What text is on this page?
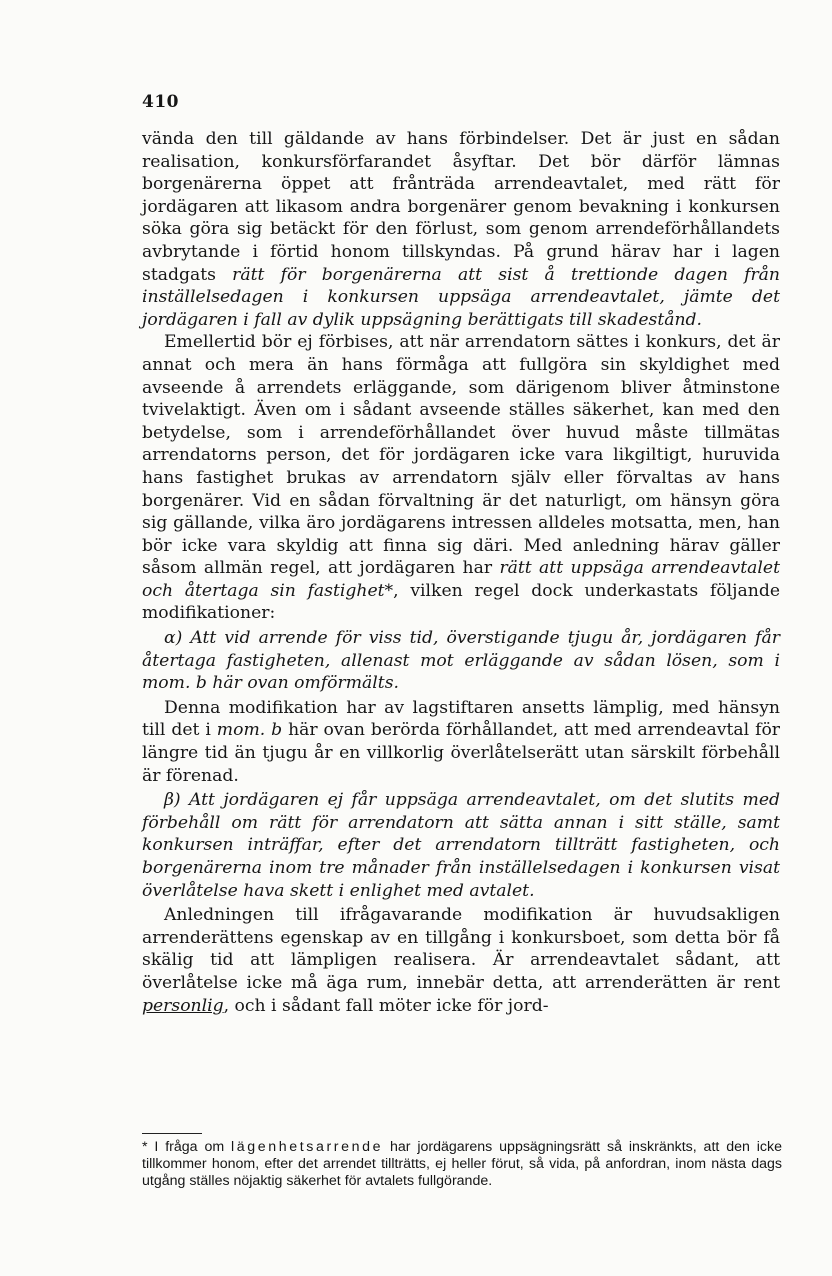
410

vända den till gäldande av hans förbindelser. Det är just en sådan realisation, konkursförfarandet åsyftar. Det bör därför lämnas borgenärerna öppet att frånträda arrendeavtalet, med rätt för jordägaren att likasom andra borgenärer genom bevakning i konkursen söka göra sig betäckt för den förlust, som genom arrendeförhållandets avbrytande i förtid honom tillskyndas. På grund härav har i lagen stadgats rätt för borgenärerna att sist å trettionde dagen från inställelsedagen i konkursen uppsäga arrendeavtalet, jämte det jordägaren i fall av dylik uppsägning berättigats till skadestånd.

Emellertid bör ej förbises, att när arrendatorn sättes i konkurs, det är annat och mera än hans förmåga att fullgöra sin skyldighet med avseende å arrendets erläggande, som därigenom bliver åtminstone tvivelaktigt. Även om i sådant avseende ställes säkerhet, kan med den betydelse, som i arrendeförhållandet över huvud måste tillmätas arrendatorns person, det för jordägaren icke vara likgiltigt, huruvida hans fastighet brukas av arrendatorn själv eller förvaltas av hans borgenärer. Vid en sådan förvaltning är det naturligt, om hänsyn göra sig gällande, vilka äro jordägarens intressen alldeles motsatta, men, han bör icke vara skyldig att finna sig däri. Med anledning härav gäller såsom allmän regel, att jordägaren har rätt att uppsäga arrendeavtalet och återtaga sin fastighet*, vilken regel dock underkastats följande modifikationer:

α) Att vid arrende för viss tid, överstigande tjugu år, jordägaren får återtaga fastigheten, allenast mot erläggande av sådan lösen, som i mom. b här ovan omförmälts.

Denna modifikation har av lagstiftaren ansetts lämplig, med hänsyn till det i mom. b här ovan berörda förhållandet, att med arrendeavtal för längre tid än tjugu år en villkorlig överlåtelserätt utan särskilt förbehåll är förenad.

β) Att jordägaren ej får uppsäga arrendeavtalet, om det slutits med förbehåll om rätt för arrendatorn att sätta annan i sitt ställe, samt konkursen inträffar, efter det arrendatorn tillträtt fastigheten, och borgenärerna inom tre månader från inställelsedagen i konkursen visat överlåtelse hava skett i enlighet med avtalet.

Anledningen till ifrågavarande modifikation är huvudsakligen arrenderättens egenskap av en tillgång i konkursboet, som detta bör få skälig tid att lämpligen realisera. Är arrendeavtalet sådant, att överlåtelse icke må äga rum, innebär detta, att arrenderätten är rent personlig, och i sådant fall möter icke för jord-

* I fråga om lägenhetsarrende har jordägarens uppsägningsrätt så inskränkts, att den icke tillkommer honom, efter det arrendet tillträtts, ej heller förut, så vida, på anfordran, inom nästa dags utgång ställes nöjaktig säkerhet för avtalets fullgörande.
